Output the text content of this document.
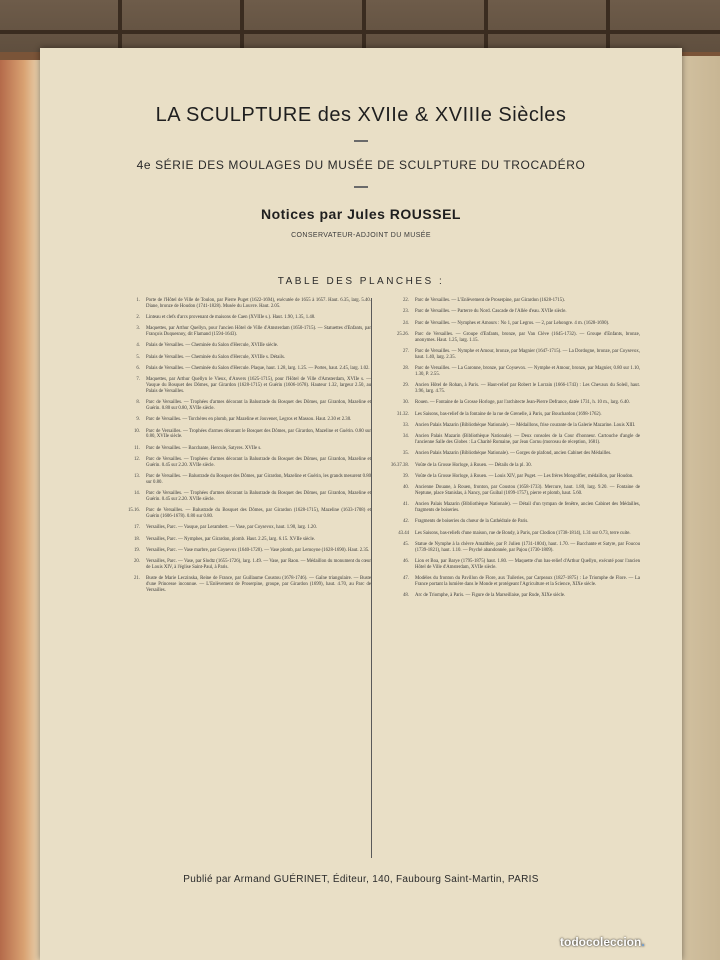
LA SCULPTURE des XVIIe & XVIIIe Siècles
4e SÉRIE DES MOULAGES DU MUSÉE DE SCULPTURE DU TROCADÉRO
Notices par Jules ROUSSEL
CONSERVATEUR-ADJOINT DU MUSÉE
TABLE DES PLANCHES :
1.	Porte de l'Hôtel de Ville de Toulon, par Pierre Puget (1622-1694), exécutée de 1655 à 1657. Haut. 6.35, larg. 5.40. Diane, bronze de Houdon (1741-1828). Musée du Louvre. Haut. 2.05.
2.	Linteau et clefs d'arcs provenant de maisons de Caen (XVIIIe s.). Haut. 1.90, 1.35, 1.48.
3.	Maquettes, par Arthur Quellyn, pour l'ancien Hôtel de Ville d'Amsterdam (1650-1715). — Statuettes d'Enfants, par François Duquesnoy, dit Flamand (1594-1643).
4.	Palais de Versailles. — Cheminée du Salon d'Hercule, XVIIIe siècle.
5.	Palais de Versailles. — Cheminée du Salon d'Hercule, XVIIIe s. Détails.
6.	Palais de Versailles. — Cheminée du Salon d'Hercule. Plaque, haut. 1.28, larg. 1.25. — Portes, haut. 2.45, larg. 1.02.
7.	Maquettes, par Arthur Quellyn le Vieux, d'Anvers (1625-1715), pour l'Hôtel de Ville d'Amsterdam, XVIIe s. — Vasque du Bosquet des Dômes, par Girardon (1628-1715) et Guérin (1606-1678). Hauteur 1.32, largeur 2.50, au Palais de Versailles.
8.	Parc de Versailles. — Trophées d'armes décorant la Balustrade du Bosquet des Dômes, par Girardon, Mazeline et Guérin. 0.80 sur 0.80, XVIIe siècle.
9.	Parc de Versailles. — Torchères en plomb, par Mazeline et Jouvenet, Legros et Massou. Haut. 2.30 et 2.30.
10.	Parc de Versailles. — Trophées d'armes décorant le Bosquet des Dômes, par Girardon, Mazeline et Guérin. 0.80 sur 0.80, XVIIe siècle.
11.	Parc de Versailles. — Bacchante, Hercule, Satyres. XVIIe s.
12.	Parc de Versailles. — Trophées d'armes décorant la Balustrade du Bosquet des Dômes, par Girardon, Mazeline et Guérin. 0.45 sur 2.20. XVIIe siècle.
13.	Parc de Versailles. — Balustrade du Bosquet des Dômes, par Girardon, Mazeline et Guérin, les grands mesurent 0.80 sur 0.80.
14.	Parc de Versailles. — Trophées d'armes décorant la Balustrade du Bosquet des Dômes, par Girardon, Mazeline et Guérin. 0.45 sur 2.20. XVIIe siècle.
15.16.	Parc de Versailles. — Balustrade du Bosquet des Dômes, par Girardon (1628-1715), Mazeline (1633-1708) et Guérin (1606-1678). 0.80 sur 0.80.
17.	Versailles, Parc. — Vasque, par Lerambert. — Vase, par Coysevox, haut. 1.90, larg. 1.20.
18.	Versailles, Parc. — Nymphes, par Girardon, plomb. Haut. 2.25, larg. 6.15. XVIIe siècle.
19.	Versailles, Parc. — Vase marbre, par Coysevox (1640-1720). — Vase plomb, par Lemoyne (1628-1690). Haut. 2.35.
20.	Versailles, Parc. — Vase, par Slodtz (1655-1726), larg. 1.49. — Vase, par Raon. — Médaillon du monument du cœur de Louis XIV, à l'église Saint-Paul, à Paris.
21.	Buste de Marie Leczinska, Reine de France, par Guillaume Coustou (1678-1746). — Gaîne triangulaire. — Buste d'une Princesse inconnue. — L'Enlèvement de Proserpine, groupe, par Girardon (1699), haut. 4.70, au Parc de Versailles.
22.	Parc de Versailles. — L'Enlèvement de Proserpine, par Girardon (1628-1715).
23.	Parc de Versailles. — Parterre du Nord. Cascade de l'Allée d'eau. XVIIe siècle.
24.	Parc de Versailles. — Nymphes et Amours : No 1, par Legros. — 2, par Lehongre. 4 m. (1628-1690).
25.26.	Parc de Versailles. — Groupe d'Enfants, bronze, par Van Clève (1645-1732). — Groupe d'Enfants, bronze, anonymes. Haut. 1.25, larg. 1.15.
27.	Parc de Versailles. — Nymphe et Amour, bronze, par Magnier (1647-1715). — La Dordogne, bronze, par Coysevox, haut. 1.40, larg. 2.35.
28.	Parc de Versailles. — La Garonne, bronze, par Coysevox. — Nymphe et Amour, bronze, par Magnier, 0.80 sur 1.10, 1.30, P. 2.55.
29.	Ancien Hôtel de Rohan, à Paris. — Haut-relief par Robert le Lorrain (1666-1743) : Les Chevaux du Soleil, haut. 3.96, larg. 4.75.
30.	Rouen. — Fontaine de la Grosse Horloge, par l'architecte Jean-Pierre Defrance, datée 1731, h. 10 m., larg. 6.40.
31.32.	Les Saisons, bas-relief de la fontaine de la rue de Grenelle, à Paris, par Bouchardon (1698-1762).
33.	Ancien Palais Mazarin (Bibliothèque Nationale). — Médaillons, frise courante de la Galerie Mazarine. Louis XIII.
34.	Ancien Palais Mazarin (Bibliothèque Nationale). — Deux consoles de la Cour d'honneur. Cartouche d'angle de l'ancienne Salle des Globes : La Charité Romaine, par Jean Cornu (morceau de réception, 1681).
35.	Ancien Palais Mazarin (Bibliothèque Nationale). — Gorges de plafond, ancien Cabinet des Médailles.
36.37.38.	Voûte de la Grosse Horloge, à Rouen. — Détails de la pl. 30.
39.	Voûte de la Grosse Horloge, à Rouen. — Louis XIV, par Puget. — Les frères Mongolfier, médaillon, par Houdon.
40.	Ancienne Douane, à Rouen, fronton, par Coustou (1658-1733). Mercure, haut. 1.80, larg. 9.20. — Fontaine de Neptune, place Stanislas, à Nancy, par Guibal (1699-1757), pierre et plomb, haut. 5.60.
41.	Ancien Palais Mazarin (Bibliothèque Nationale). — Détail d'un tympan de fenêtre, ancien Cabinet des Médailles, fragments de boiseries.
42.	Fragments de boiseries du chœur de la Cathédrale de Paris.
43.44	Les Saisons, bas-reliefs d'une maison, rue de Bondy, à Paris, par Clodion (1738-1814), 1.31 sur 0.73, terre cuite.
45.	Statue de Nymphe à la chèvre Amalthée, par P. Julien (1731-1804), haut. 1.70. — Bacchante et Satyre, par Foucou (1739-1821), haut. 1.10. — Psyché abandonnée, par Pajou (1730-1809).
46.	Lion et Boa, par Barye (1795-1875) haut. 1.80. — Maquette d'un bas-relief d'Arthur Quellyn, exécuté pour l'ancien Hôtel de Ville d'Amsterdam, XVIIe siècle.
47.	Modèles du fronton du Pavillon de Flore, aux Tuileries, par Carpeaux (1827-1875) : Le Triomphe de Flore. — La France portant la lumière dans le Monde et protégeant l'Agriculture et la Science, XIXe siècle.
48.	Arc de Triomphe, à Paris. — Figure de la Marseillaise, par Rude, XIXe siècle.
Publié par Armand GUÉRINET, Éditeur, 140, Faubourg Saint-Martin, PARIS
todocoleccion.
